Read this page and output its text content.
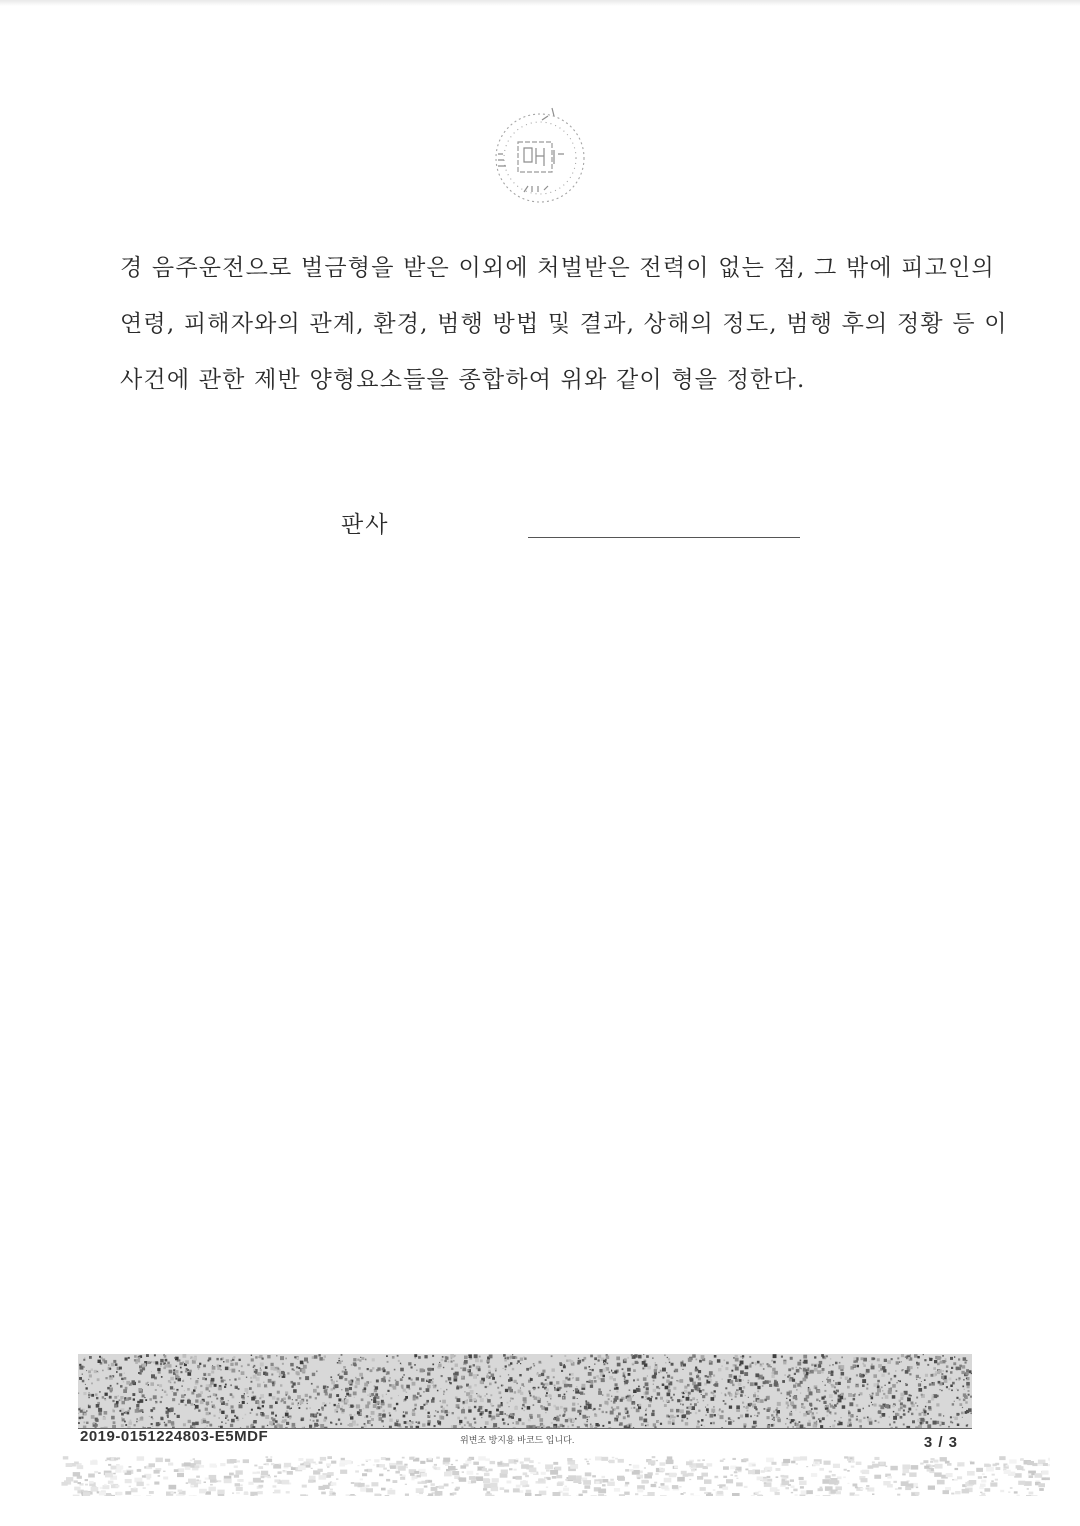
경 음주운전으로 벌금형을 받은 이외에 처벌받은 전력이 없는 점, 그 밖에 피고인의
연령, 피해자와의 관계, 환경, 범행 방법 및 결과, 상해의 정도, 범행 후의 정황 등 이
사건에 관한 제반 양형요소들을 종합하여 위와 같이 형을 정한다.

판사
2019-0151224803-E5MDF	위변조 방지용 바코드 입니다.	3 / 3
